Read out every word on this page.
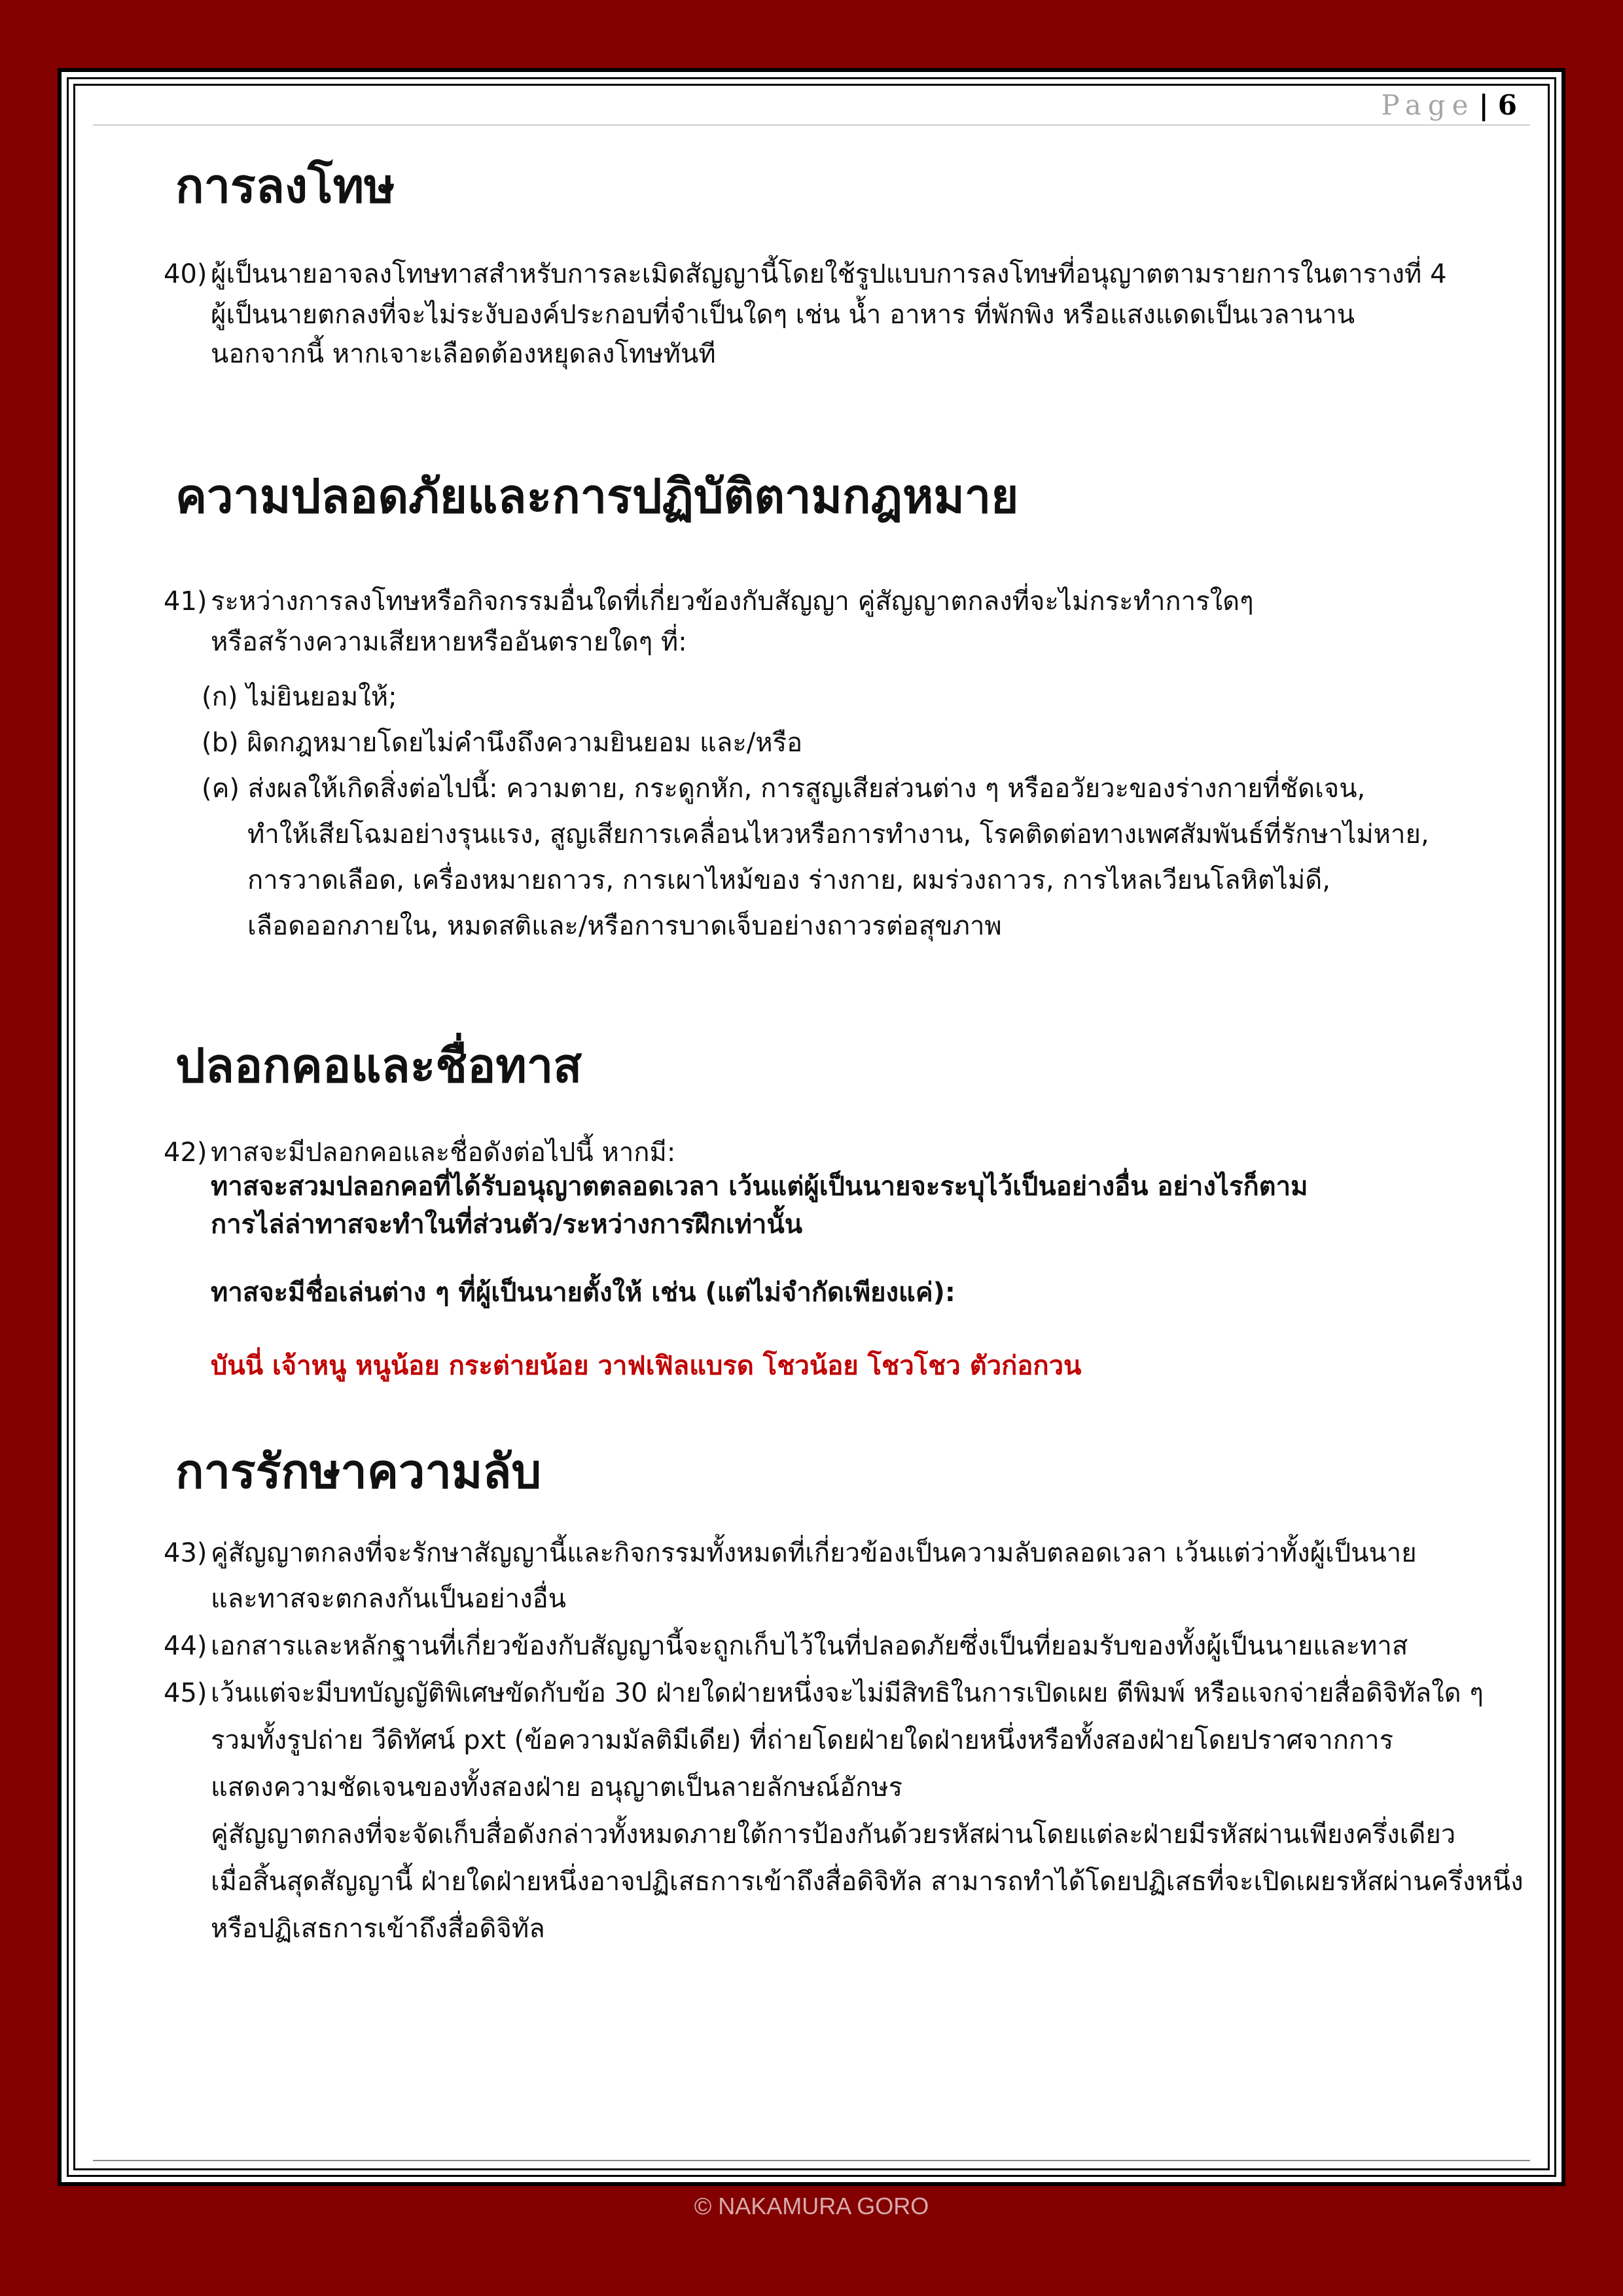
Page | 6
การลงโทษ
40) ผู้เป็นนายอาจลงโทษทาสสำหรับการละเมิดสัญญานี้โดยใช้รูปแบบการลงโทษที่อนุญาตตามรายการในตารางที่ 4
ผู้เป็นนายตกลงที่จะไม่ระงับองค์ประกอบที่จำเป็นใดๆ เช่น น้ำ อาหาร ที่พักพิง หรือแสงแดดเป็นเวลานาน
นอกจากนี้ หากเจาะเลือดต้องหยุดลงโทษทันที
ความปลอดภัยและการปฏิบัติตามกฎหมาย
41) ระหว่างการลงโทษหรือกิจกรรมอื่นใดที่เกี่ยวข้องกับสัญญา คู่สัญญาตกลงที่จะไม่กระทำการใดๆ
หรือสร้างความเสียหายหรืออันตรายใดๆ ที่:
(ก) ไม่ยินยอมให้;
(b) ผิดกฎหมายโดยไม่คำนึงถึงความยินยอม และ/หรือ
(ค) ส่งผลให้เกิดสิ่งต่อไปนี้: ความตาย, กระดูกหัก, การสูญเสียส่วนต่าง ๆ หรืออวัยวะของร่างกายที่ชัดเจน,
ทำให้เสียโฉมอย่างรุนแรง, สูญเสียการเคลื่อนไหวหรือการทำงาน, โรคติดต่อทางเพศสัมพันธ์ที่รักษาไม่หาย,
การวาดเลือด, เครื่องหมายถาวร, การเผาไหม้ของ ร่างกาย, ผมร่วงถาวร, การไหลเวียนโลหิตไม่ดี,
เลือดออกภายใน, หมดสติและ/หรือการบาดเจ็บอย่างถาวรต่อสุขภาพ
ปลอกคอและชื่อทาส
42) ทาสจะมีปลอกคอและชื่อดังต่อไปนี้ หากมี:
ทาสจะสวมปลอกคอที่ได้รับอนุญาตตลอดเวลา เว้นแต่ผู้เป็นนายจะระบุไว้เป็นอย่างอื่น อย่างไรก็ตาม
การไล่ล่าทาสจะทำในที่ส่วนตัว/ระหว่างการฝึกเท่านั้น
ทาสจะมีชื่อเล่นต่าง ๆ ที่ผู้เป็นนายตั้งให้ เช่น (แต่ไม่จำกัดเพียงแค่):
บันนี่ เจ้าหนู หนูน้อย กระต่ายน้อย วาฟเฟิลแบรด โชวน้อย โชวโชว ตัวก่อกวน
การรักษาความลับ
43) คู่สัญญาตกลงที่จะรักษาสัญญานี้และกิจกรรมทั้งหมดที่เกี่ยวข้องเป็นความลับตลอดเวลา เว้นแต่ว่าทั้งผู้เป็นนาย
และทาสจะตกลงกันเป็นอย่างอื่น
44) เอกสารและหลักฐานที่เกี่ยวข้องกับสัญญานี้จะถูกเก็บไว้ในที่ปลอดภัยซึ่งเป็นที่ยอมรับของทั้งผู้เป็นนายและทาส
45) เว้นแต่จะมีบทบัญญัติพิเศษขัดกับข้อ 30 ฝ่ายใดฝ่ายหนึ่งจะไม่มีสิทธิในการเปิดเผย ตีพิมพ์ หรือแจกจ่ายสื่อดิจิทัลใด ๆ
รวมทั้งรูปถ่าย วีดิทัศน์ pxt (ข้อความมัลติมีเดีย) ที่ถ่ายโดยฝ่ายใดฝ่ายหนึ่งหรือทั้งสองฝ่ายโดยปราศจากการ
แสดงความชัดเจนของทั้งสองฝ่าย อนุญาตเป็นลายลักษณ์อักษร
คู่สัญญาตกลงที่จะจัดเก็บสื่อดังกล่าวทั้งหมดภายใต้การป้องกันด้วยรหัสผ่านโดยแต่ละฝ่ายมีรหัสผ่านเพียงครึ่งเดียว
เมื่อสิ้นสุดสัญญานี้ ฝ่ายใดฝ่ายหนึ่งอาจปฏิเสธการเข้าถึงสื่อดิจิทัล สามารถทำได้โดยปฏิเสธที่จะเปิดเผยรหัสผ่านครึ่งหนึ่ง
หรือปฏิเสธการเข้าถึงสื่อดิจิทัล
© NAKAMURA GORO
